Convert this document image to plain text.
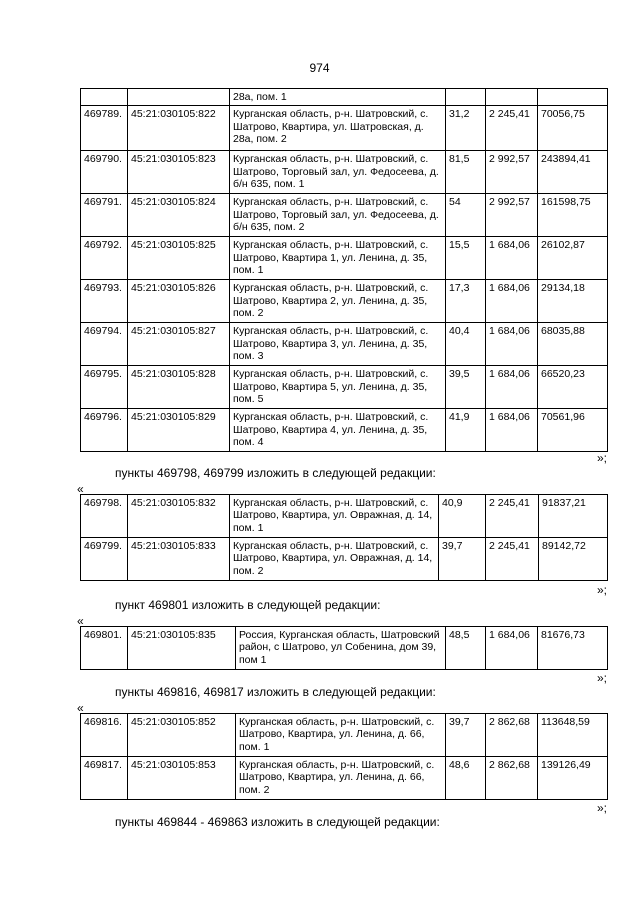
974
		28а, пом. 1			
469789.	45:21:030105:822	Курганская область, р-н. Шатровский, с. Шатрово, Квартира, ул. Шатровская, д. 28а, пом. 2	31,2	2 245,41	70056,75
469790.	45:21:030105:823	Курганская область, р-н. Шатровский, с. Шатрово, Торговый зал, ул. Федосеева, д. б/н 635, пом. 1	81,5	2 992,57	243894,41
469791.	45:21:030105:824	Курганская область, р-н. Шатровский, с. Шатрово, Торговый зал, ул. Федосеева, д. б/н 635, пом. 2	54	2 992,57	161598,75
469792.	45:21:030105:825	Курганская область, р-н. Шатровский, с. Шатрово, Квартира 1, ул. Ленина, д. 35, пом. 1	15,5	1 684,06	26102,87
469793.	45:21:030105:826	Курганская область, р-н. Шатровский, с. Шатрово, Квартира 2, ул. Ленина, д. 35, пом. 2	17,3	1 684,06	29134,18
469794.	45:21:030105:827	Курганская область, р-н. Шатровский, с. Шатрово, Квартира 3, ул. Ленина, д. 35, пом. 3	40,4	1 684,06	68035,88
469795.	45:21:030105:828	Курганская область, р-н. Шатровский, с. Шатрово, Квартира 5, ул. Ленина, д. 35, пом. 5	39,5	1 684,06	66520,23
469796.	45:21:030105:829	Курганская область, р-н. Шатровский, с. Шатрово, Квартира 4, ул. Ленина, д. 35, пом. 4	41,9	1 684,06	70561,96
»;
пункты 469798, 469799 изложить в следующей редакции:
«
469798.	45:21:030105:832	Курганская область, р-н. Шатровский, с. Шатрово, Квартира, ул. Овражная, д. 14, пом. 1	40,9	2 245,41	91837,21
469799.	45:21:030105:833	Курганская область, р-н. Шатровский, с. Шатрово, Квартира, ул. Овражная, д. 14, пом. 2	39,7	2 245,41	89142,72
»;
пункт 469801 изложить в следующей редакции:
«
469801.	45:21:030105:835	Россия, Курганская область, Шатровский район, с Шатрово, ул Собенина, дом 39, пом 1	48,5	1 684,06	81676,73
»;
пункты 469816, 469817 изложить в следующей редакции:
«
469816.	45:21:030105:852	Курганская область, р-н. Шатровский, с. Шатрово, Квартира, ул. Ленина, д. 66, пом. 1	39,7	2 862,68	113648,59
469817.	45:21:030105:853	Курганская область, р-н. Шатровский, с. Шатрово, Квартира, ул. Ленина, д. 66, пом. 2	48,6	2 862,68	139126,49
»;
пункты 469844 - 469863 изложить в следующей редакции:
